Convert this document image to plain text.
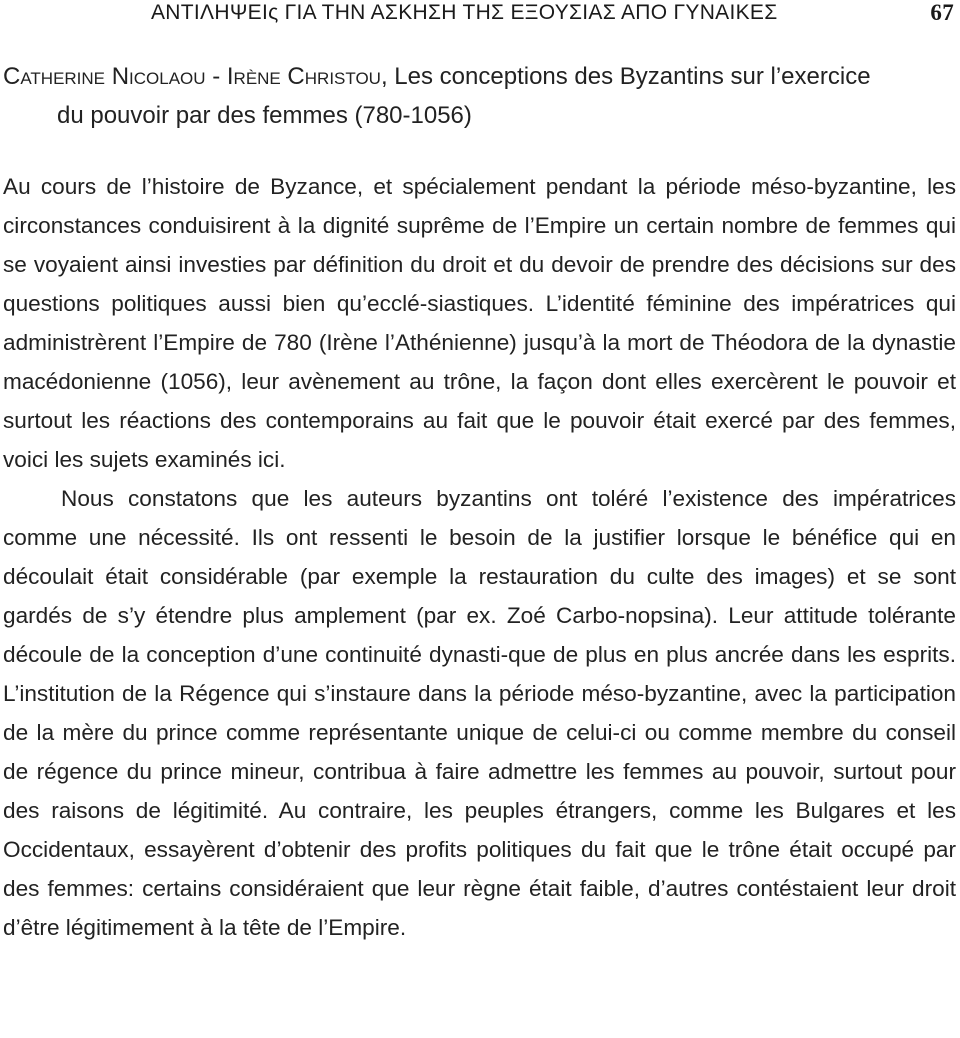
ΑΝΤΙΛΗΨΕΙς ΓΙΑ ΤΗΝ ΑΣΚΗΣΗ ΤΗΣ ΕΞΟΥΣΙΑΣ ΑΠΟ ΓΥΝΑΙΚΕΣ	67
Catherine Nicolaou - Irène Christou, Les conceptions des Byzantins sur l’exercice
du pouvoir par des femmes (780-1056)

Au cours de l’histoire de Byzance, et spécialement pendant la période méso-byzantine, les circonstances conduisirent à la dignité suprême de l’Empire un certain nombre de femmes qui se voyaient ainsi investies par définition du droit et du devoir de prendre des décisions sur des questions politiques aussi bien qu’ecclé-siastiques. L’identité féminine des impératrices qui administrèrent l’Empire de 780 (Irène l’Athénienne) jusqu’à la mort de Théodora de la dynastie macédonienne (1056), leur avènement au trône, la façon dont elles exercèrent le pouvoir et surtout les réactions des contemporains au fait que le pouvoir était exercé par des femmes, voici les sujets examinés ici.

Nous constatons que les auteurs byzantins ont toléré l’existence des impératrices comme une nécessité. Ils ont ressenti le besoin de la justifier lorsque le bénéfice qui en découlait était considérable (par exemple la restauration du culte des images) et se sont gardés de s’y étendre plus amplement (par ex. Zoé Carbo-nopsina). Leur attitude tolérante découle de la conception d’une continuité dynasti-que de plus en plus ancrée dans les esprits. L’institution de la Régence qui s’instaure dans la période méso-byzantine, avec la participation de la mère du prince comme représentante unique de celui-ci ou comme membre du conseil de régence du prince mineur, contribua à faire admettre les femmes au pouvoir, surtout pour des raisons de légitimité. Au contraire, les peuples étrangers, comme les Bulgares et les Occidentaux, essayèrent d’obtenir des profits politiques du fait que le trône était occupé par des femmes: certains considéraient que leur règne était faible, d’autres contéstaient leur droit d’être légitimement à la tête de l’Empire.
